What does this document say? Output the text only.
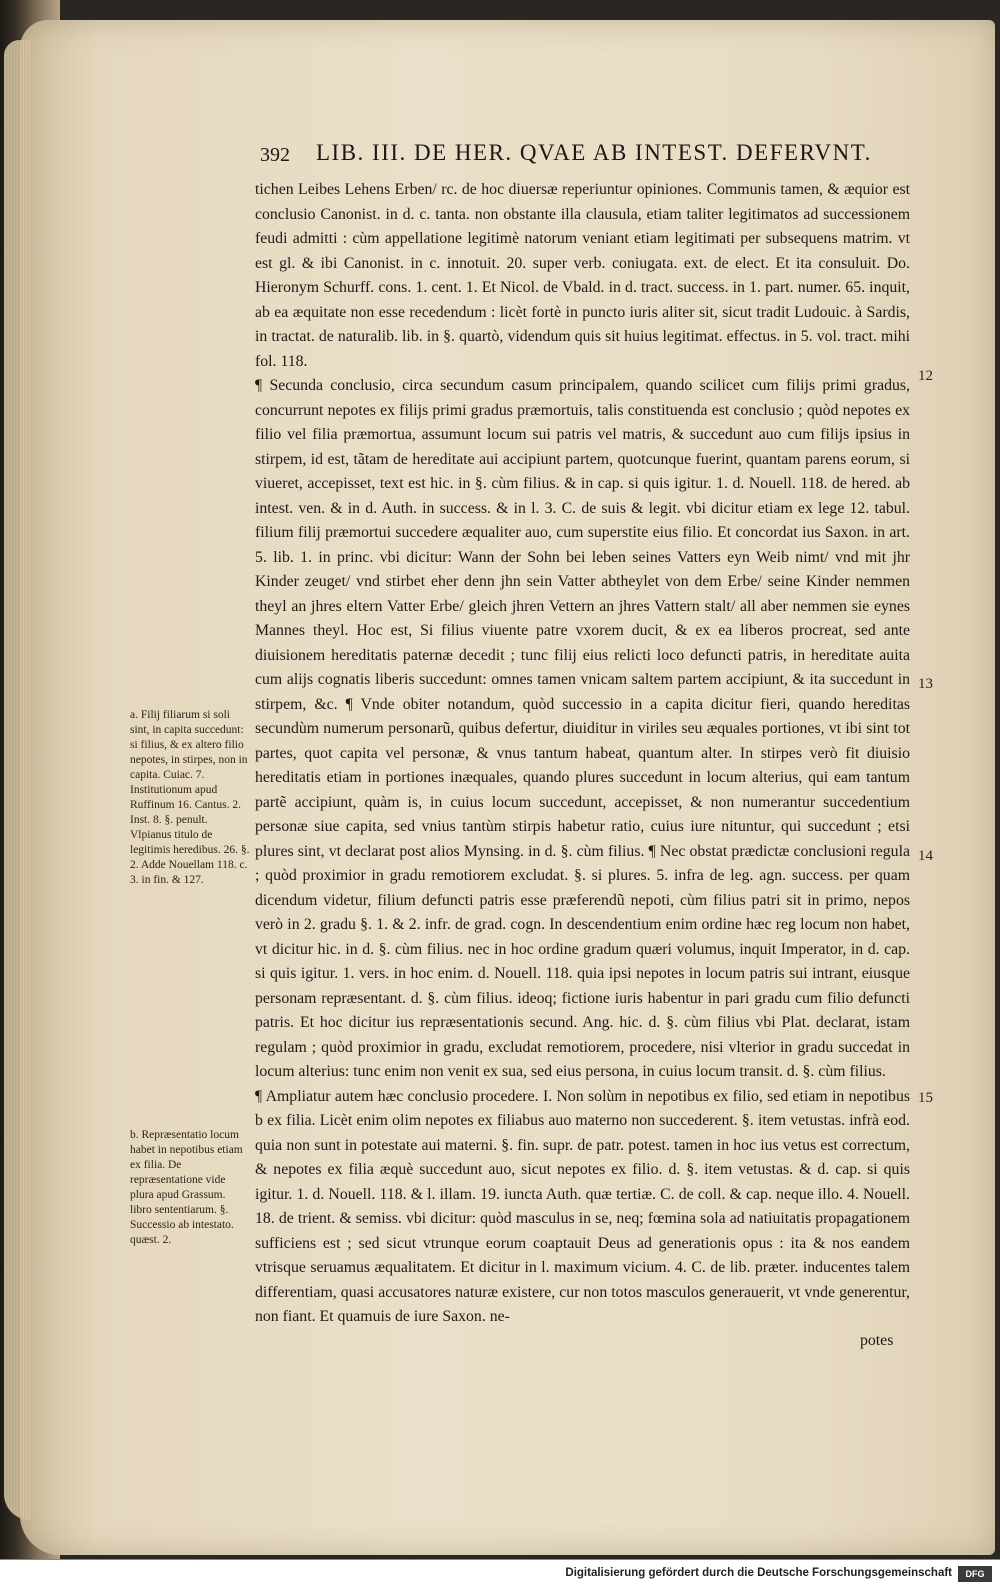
392 LIB. III. DE HER. QVAE AB INTEST. DEFERVNT.

tichen Leibes Lehens Erben/ rc. de hoc diuersæ reperiuntur opiniones. Communis tamen, & æquior est conclusio Canonist. in d. c. tanta. non obstante illa clausula, etiam taliter legitimatos ad successionem feudi admitti : cùm appellatione legitimè natorum veniant etiam legitimati per subsequens matrim. vt est gl. & ibi Canonist. in c. innotuit. 20. super verb. coniugata. ext. de elect. Et ita consuluit. Do. Hieronym Schurff. cons. 1. cent. 1. Et Nicol. de Vbald. in d. tract. success. in 1. part. numer. 65. inquit, ab ea æquitate non esse recedendum : licèt fortè in puncto iuris aliter sit, sicut tradit Ludouic. à Sardis, in tractat. de naturalib. lib. in §. quartò, videndum quis sit huius legitimat. effectus. in 5. vol. tract. mihi fol. 118.

¶ Secunda conclusio, circa secundum casum principalem, quando scilicet cum filijs primi gradus, concurrunt nepotes ex filijs primi gradus præmortuis, talis constituenda est conclusio ; quòd nepotes ex filio vel filia præmortua, assumunt locum sui patris vel matris, & succedunt auo cum filijs ipsius in stirpem, id est, tãtam de hereditate aui accipiunt partem, quotcunque fuerint, quantam parens eorum, si viueret, accepisset, text est hic. in §. cùm filius. & in cap. si quis igitur. 1. d. Nouell. 118. de hered. ab intest. ven. & in d. Auth. in success. & in l. 3. C. de suis & legit. vbi dicitur etiam ex lege 12. tabul. filium filij præmortui succedere æqualiter auo, cum superstite eius filio. Et concordat ius Saxon. in art. 5. lib. 1. in princ. vbi dicitur: Wann der Sohn bei leben seines Vatters eyn Weib nimt/ vnd mit jhr Kinder zeuget/ vnd stirbet eher denn jhn sein Vatter abtheylet von dem Erbe/ seine Kinder nemmen theyl an jhres eltern Vatter Erbe/ gleich jhren Vettern an jhres Vattern stalt/ all aber nemmen sie eynes Mannes theyl. Hoc est, Si filius viuente patre vxorem ducit, & ex ea liberos procreat, sed ante diuisionem hereditatis paternæ decedit ; tunc filij eius relicti loco defuncti patris, in hereditate auita cum alijs cognatis liberis succedunt: omnes tamen vnicam saltem partem accipiunt, & ita succedunt in stirpem, &c. ¶ Vnde obiter notandum, quòd successio in a capita dicitur fieri, quando hereditas secundùm numerum personarũ, quibus defertur, diuiditur in viriles seu æquales portiones, vt ibi sint tot partes, quot capita vel personæ, & vnus tantum habeat, quantum alter. In stirpes verò fit diuisio hereditatis etiam in portiones inæquales, quando plures succedunt in locum alterius, qui eam tantum partẽ accipiunt, quàm is, in cuius locum succedunt, accepisset, & non numerantur succedentium personæ siue capita, sed vnius tantùm stirpis habetur ratio, cuius iure nituntur, qui succedunt ; etsi plures sint, vt declarat post alios Mynsing. in d. §. cùm filius. ¶ Nec obstat prædictæ conclusioni regula ; quòd proximior in gradu remotiorem excludat. §. si plures. 5. infra de leg. agn. success. per quam dicendum videtur, filium defuncti patris esse præferendũ nepoti, cùm filius patri sit in primo, nepos verò in 2. gradu §. 1. & 2. infr. de grad. cogn. In descendentium enim ordine hæc reg locum non habet, vt dicitur hic. in d. §. cùm filius. nec in hoc ordine gradum quæri volumus, inquit Imperator, in d. cap. si quis igitur. 1. vers. in hoc enim. d. Nouell. 118. quia ipsi nepotes in locum patris sui intrant, eiusque personam repræsentant. d. §. cùm filius. ideoq; fictione iuris habentur in pari gradu cum filio defuncti patris. Et hoc dicitur ius repræsentationis secund. Ang. hic. d. §. cùm filius vbi Plat. declarat, istam regulam ; quòd proximior in gradu, excludat remotiorem, procedere, nisi vlterior in gradu succedat in locum alterius: tunc enim non venit ex sua, sed eius persona, in cuius locum transit. d. §. cùm filius.

¶ Ampliatur autem hæc conclusio procedere. I. Non solùm in nepotibus ex filio, sed etiam in nepotibus b ex filia. Licèt enim olim nepotes ex filiabus auo materno non succederent. §. item vetustas. infrà eod. quia non sunt in potestate aui materni. §. fin. supr. de patr. potest. tamen in hoc ius vetus est correctum, & nepotes ex filia æquè succedunt auo, sicut nepotes ex filio. d. §. item vetustas. & d. cap. si quis igitur. 1. d. Nouell. 118. & l. illam. 19. iuncta Auth. quæ tertiæ. C. de coll. & cap. neque illo. 4. Nouell. 18. de trient. & semiss. vbi dicitur: quòd masculus in se, neq; fœmina sola ad natiuitatis propagationem sufficiens est ; sed sicut vtrunque eorum coaptauit Deus ad generationis opus : ita & nos eandem vtrisque seruamus æqualitatem. Et dicitur in l. maximum vicium. 4. C. de lib. præter. inducentes talem differentiam, quasi accusatores naturæ existere, cur non totos masculos generauerit, vt vnde generentur, non fiant. Et quamuis de iure Saxon. ne-

a. Filij filiarum si soli sint, in capita succedunt: si filius, & ex altero filio nepotes, in stirpes, non in capita. Cuiac. 7. Institutionum apud Ruffinum 16. Cantus. 2. Inst. 8. §. penult. Vlpianus titulo de legitimis heredibus. 26. §. 2. Adde Nouellam 118. c. 3. in fin. & 127.
b. Repræsentatio locum habet in nepotibus etiam ex filia. De repræsentatione vide plura apud Grassum. libro sententiarum. §. Successio ab intestato. quæst. 2.
12
13
14
15
potes
Digitalisierung gefördert durch die Deutsche Forschungsgemeinschaft	DFG
